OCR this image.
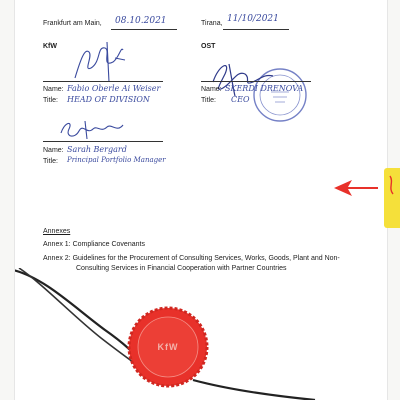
Frankfurt am Main, 08.10.2021
KfW
Name: Fabio Oberle Ai Weiser
Title: HEAD OF DIVISION
Name: Sarah Bergard
Title: Principal Portfolio Manager
Tirana, 11/10/2021
OST
Name: SKERDI DRENOVA
Title: CEO
Annexes
Annex 1: Compliance Covenants
Annex 2: Guidelines for the Procurement of Consulting Services, Works, Goods, Plant and Non-
Consulting Services in Financial Cooperation with Partner Countries
KfW
